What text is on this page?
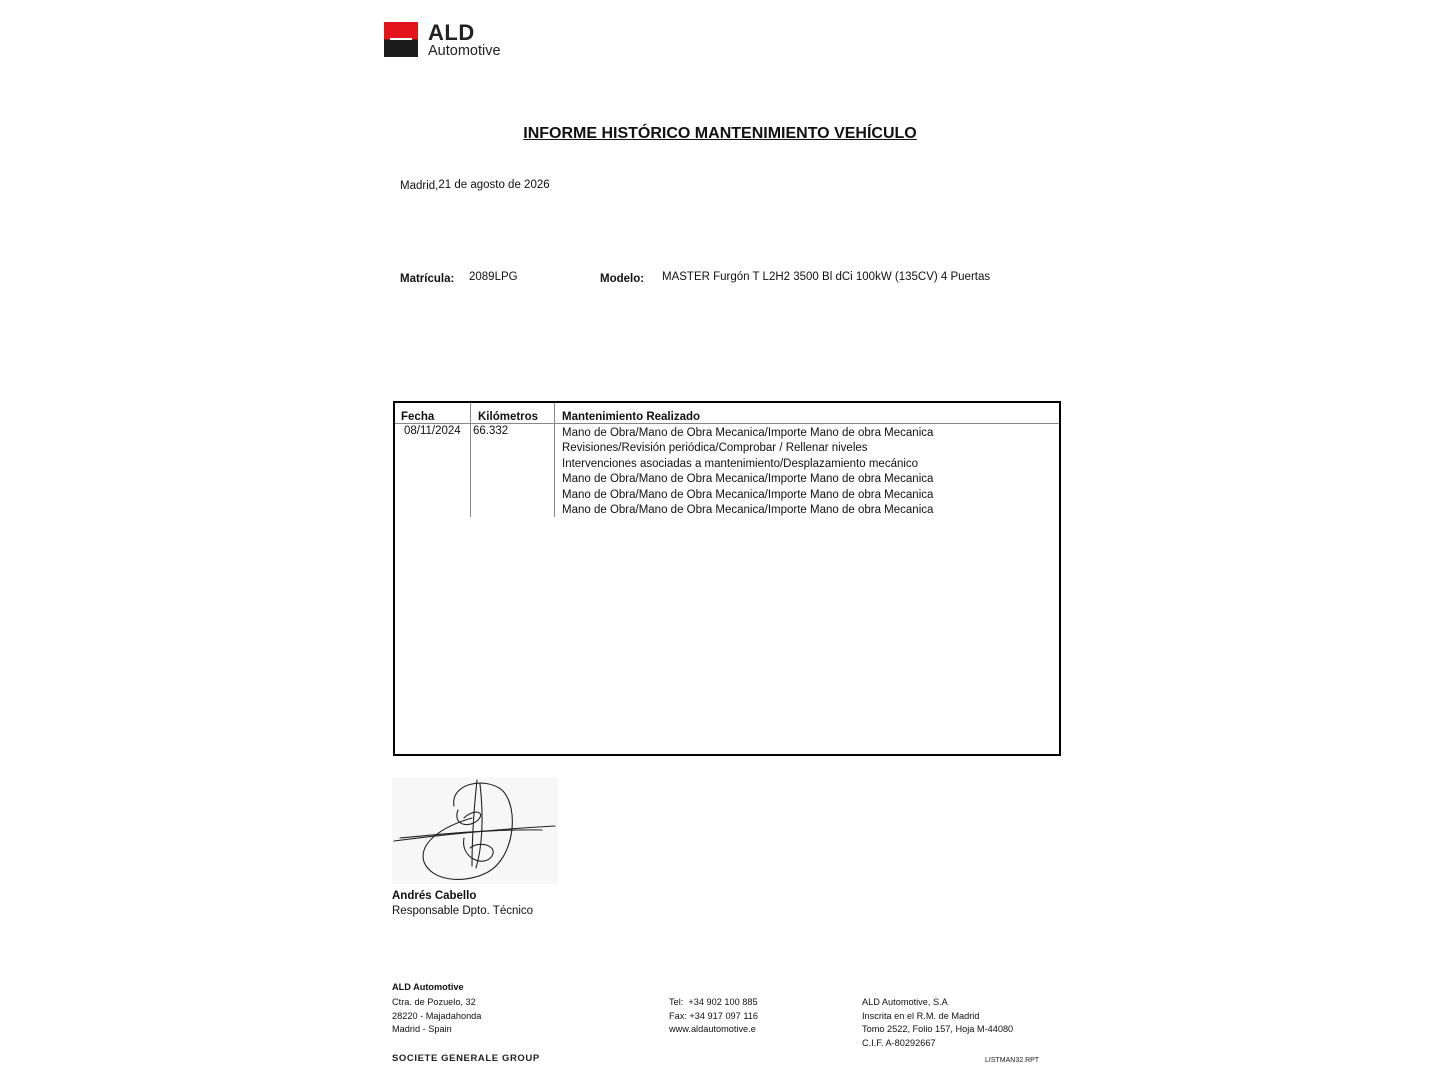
ALD
Automotive
INFORME HISTÓRICO MANTENIMIENTO VEHÍCULO
Madrid,21 de agosto de 2026
Matrícula: 2089LPG	Modelo: MASTER Furgón T L2H2 3500 Bl dCi 100kW (135CV) 4 Puertas
Fecha	Kilómetros Mantenimiento Realizado
08/11/2024 66.332	Mano de Obra/Mano de Obra Mecanica/Importe Mano de obra Mecanica
Revisiones/Revisión periódica/Comprobar / Rellenar niveles
Intervenciones asociadas a mantenimiento/Desplazamiento mecánico
Mano de Obra/Mano de Obra Mecanica/Importe Mano de obra Mecanica
Mano de Obra/Mano de Obra Mecanica/Importe Mano de obra Mecanica
Mano de Obra/Mano de Obra Mecanica/Importe Mano de obra Mecanica
Andrés Cabello
Responsable Dpto. Técnico
ALD Automotive
Ctra. de Pozuelo, 32
28220 - Majadahonda
Madrid - Spain
Tel:  +34 902 100 885
Fax: +34 917 097 116
www.aldautomotive.e
ALD Automotive, S.A
Inscrita en el R.M. de Madrid
Tomo 2522, Folio 157, Hoja M-44080
C.I.F. A-80292667
SOCIETE GENERALE GROUP	LISTMAN32.RPT
